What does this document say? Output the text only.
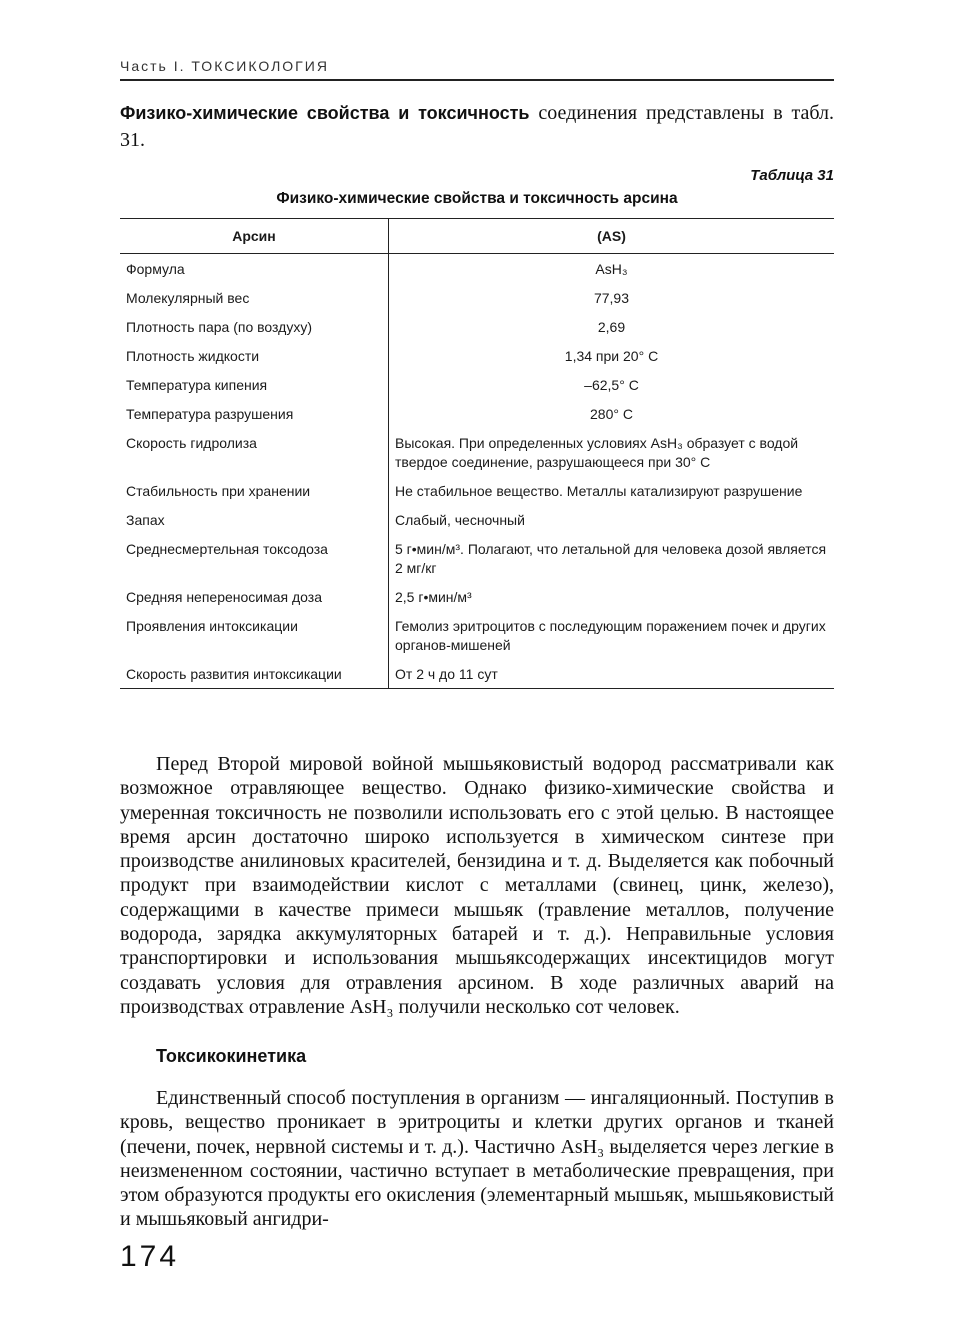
Часть I. ТОКСИКОЛОГИЯ

Физико-химические свойства и токсичность соединения представлены в табл. 31.

Таблица 31
Физико-химические свойства и токсичность арсина
Арсин	(AS)
Формула	AsH₃
Молекулярный вес	77,93
Плотность пара (по воздуху)	2,69
Плотность жидкости	1,34 при 20° С
Температура кипения	–62,5° С
Температура разрушения	280° С
Скорость гидролиза	Высокая. При определенных условиях AsH₃ образует с водой твердое соединение, разрушающееся при 30° С
Стабильность при хранении	Не стабильное вещество. Металлы катализируют разрушение
Запах	Слабый, чесночный
Среднесмертельная токсодоза	5 г•мин/м³. Полагают, что летальной для человека дозой является 2 мг/кг
Средняя непереносимая доза	2,5 г•мин/м³
Проявления интоксикации	Гемолиз эритроцитов с последующим поражением почек и других органов-мишеней
Скорость развития интоксикации	От 2 ч до 11 сут

Перед Второй мировой войной мышьяковистый водород рассматривали как возможное отравляющее вещество. Однако физико-химические свойства и умеренная токсичность не позволили использовать его с этой целью. В настоящее время арсин достаточно широко используется в химическом синтезе при производстве анилиновых красителей, бензидина и т. д. Выделяется как побочный продукт при взаимодействии кислот с металлами (свинец, цинк, железо), содержащими в качестве примеси мышьяк (травление металлов, получение водорода, зарядка аккумуляторных батарей и т. д.). Неправильные условия транспортировки и использования мышьяксодержащих инсектицидов могут создавать условия для отравления арсином. В ходе различных аварий на производствах отравление AsH₃ получили несколько сот человек.

Токсикокинетика

Единственный способ поступления в организм — ингаляционный. Поступив в кровь, вещество проникает в эритроциты и клетки других органов и тканей (печени, почек, нервной системы и т. д.). Частично AsH₃ выделяется через легкие в неизмененном состоянии, частично вступает в метаболические превращения, при этом образуются продукты его окисления (элементарный мышьяк, мышьяковистый и мышьяковый ангидри-

174
